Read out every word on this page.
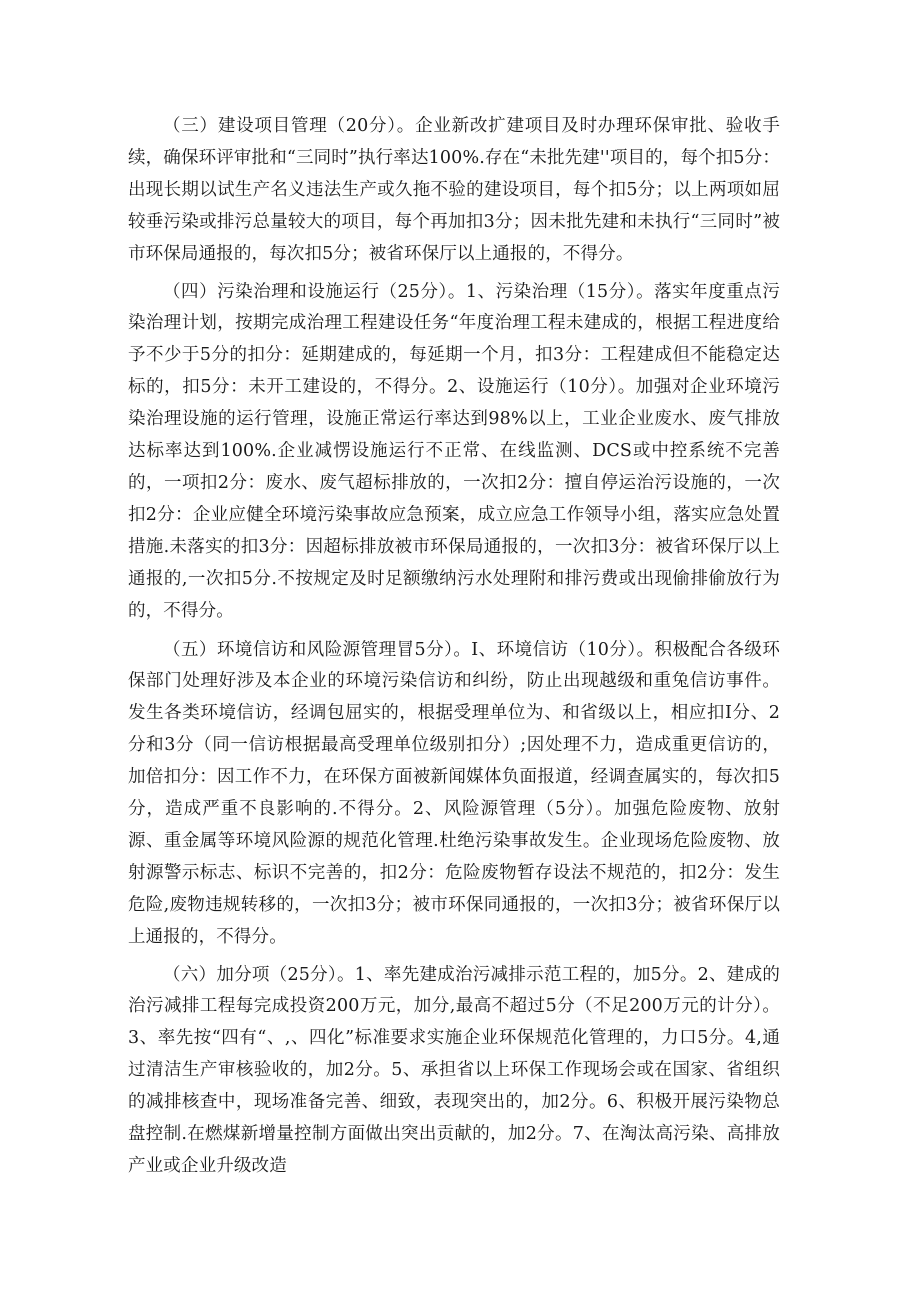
（三）建设项目管理（20分）。企业新改扩建项目及时办理环保审批、验收手续，确保环评审批和“三同时”执行率达100%.存在“未批先建''项目的，每个扣5分：出现长期以试生产名义违法生产或久拖不验的建设项目，每个扣5分；以上两项如屈较垂污染或排污总量较大的项目，每个再加扣3分；因未批先建和未执行“三同时”被市环保局通报的，每次扣5分；被省环保厅以上通报的，不得分。

（四）污染治理和设施运行（25分）。1、污染治理（15分）。落实年度重点污染治理计划，按期完成治理工程建设任务“年度治理工程未建成的，根据工程进度给予不少于5分的扣分：延期建成的，每延期一个月，扣3分：工程建成但不能稳定达标的，扣5分：未开工建设的，不得分。2、设施运行（10分）。加强对企业环境污染治理设施的运行管理，设施正常运行率达到98%以上，工业企业废水、废气排放达标率达到100%.企业减愣设施运行不正常、在线监测、DCS或中控系统不完善的，一项扣2分：废水、废气超标排放的，一次扣2分：擅自停运治污设施的，一次扣2分：企业应健全环境污染事故应急预案，成立应急工作领导小组，落实应急处置措施.未落实的扣3分：因超标排放被市环保局通报的，一次扣3分：被省环保厅以上通报的,一次扣5分.不按规定及时足额缴纳污水处理附和排污费或出现偷排偷放行为的，不得分。

（五）环境信访和风险源管理冒5分）。I、环境信访（10分）。积极配合各级环保部门处理好涉及本企业的环境污染信访和纠纷，防止出现越级和重兔信访事件。发生各类环境信访，经调包屈实的，根据受理单位为、和省级以上，相应扣I分、2分和3分（同一信访根据最高受理单位级别扣分）;因处理不力，造成重更信访的，加倍扣分：因工作不力，在环保方面被新闻媒体负面报道，经调查属实的，每次扣5分，造成严重不良影响的.不得分。2、风险源管理（5分）。加强危险废物、放射源、重金属等环境风险源的规范化管理.杜绝污染事故发生。企业现场危险废物、放射源警示标志、标识不完善的，扣2分：危险废物暂存设法不规范的，扣2分：发生危险,废物违规转移的，一次扣3分；被市环保同通报的，一次扣3分；被省环保厅以上通报的，不得分。

（六）加分项（25分）。1、率先建成治污减排示范工程的，加5分。2、建成的治污减排工程每完成投资200万元，加分,最高不超过5分（不足200万元的计分）。3、率先按“四有“、,、四化”标准要求实施企业环保规范化管理的，力口5分。4,通过清洁生产审核验收的，加2分。5、承担省以上环保工作现场会或在国家、省组织的减排核查中，现场准备完善、细致，表现突出的，加2分。6、积极开展污染物总盘控制.在燃煤新增量控制方面做出突出贡献的，加2分。7、在淘汰高污染、高排放产业或企业升级改造
